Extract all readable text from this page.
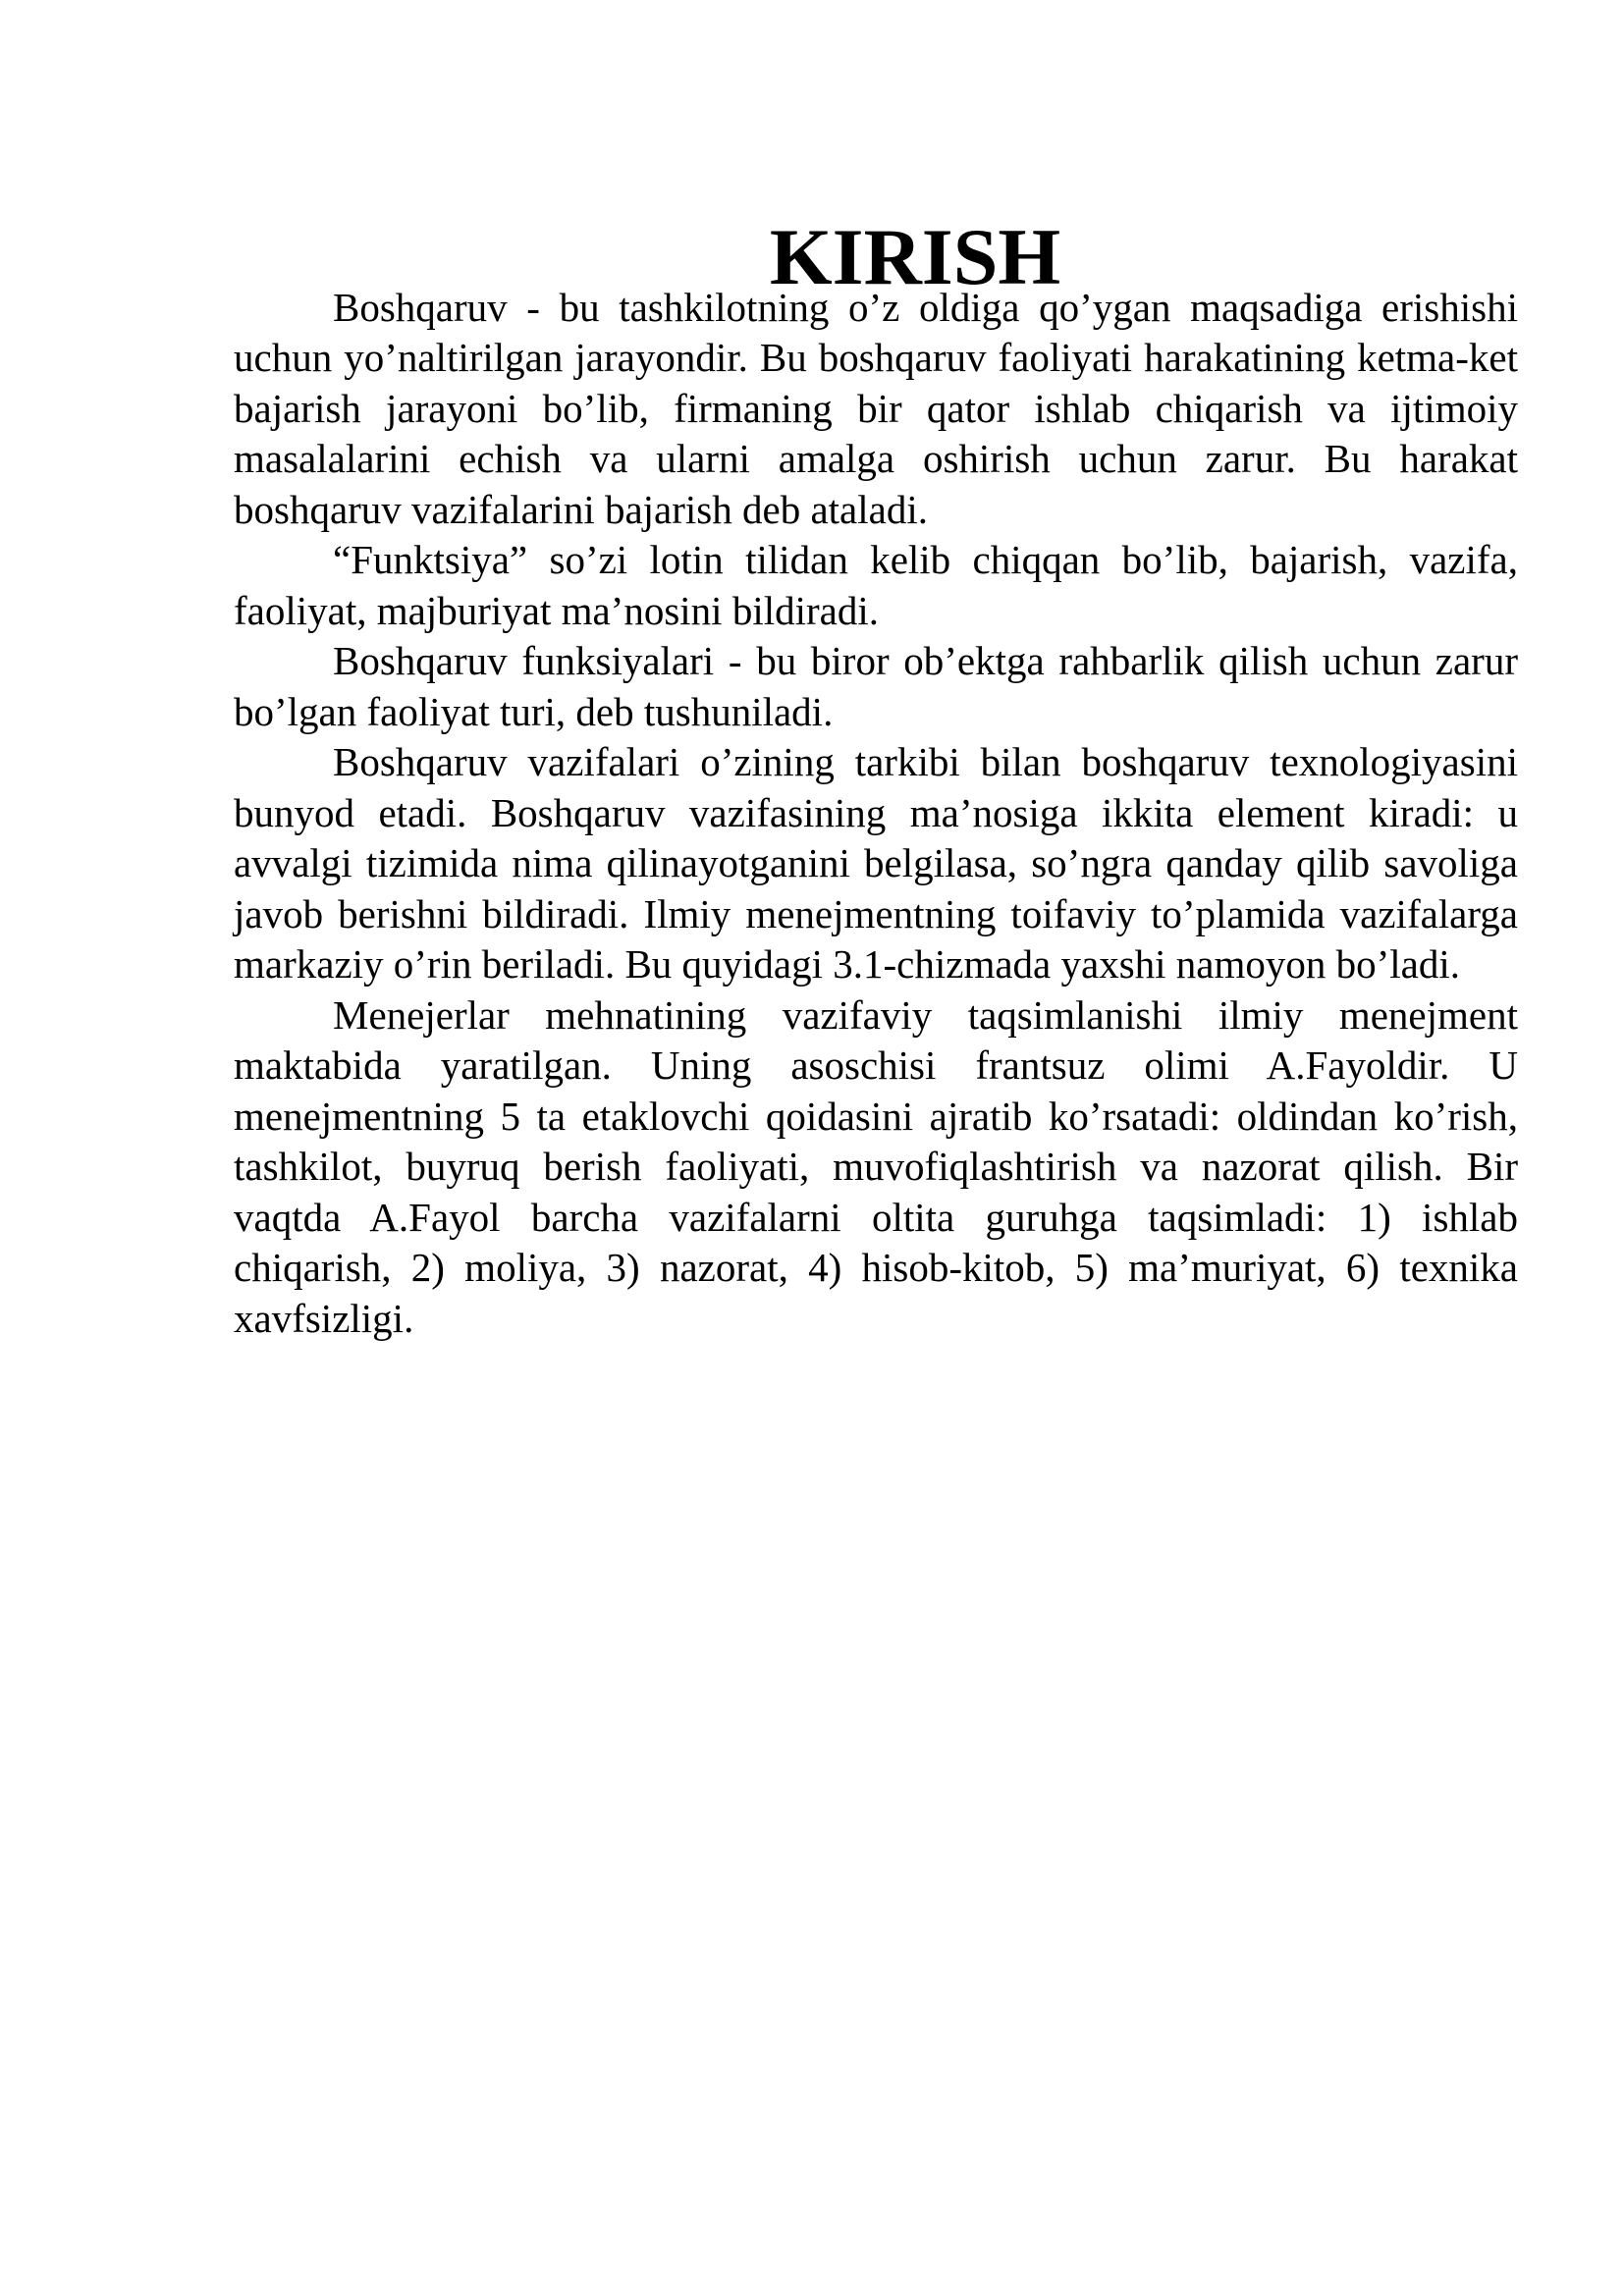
KIRISH

Boshqaruv - bu tashkilotning o’z oldiga qo’ygan maqsadiga erishishi uchun yo’naltirilgan jarayondir. Bu boshqaruv faoliyati harakatining ketma-ket bajarish jarayoni bo’lib, firmaning bir qator ishlab chiqarish va ijtimoiy masalalarini echish va ularni amalga oshirish uchun zarur. Bu harakat boshqaruv vazifalarini bajarish deb ataladi.

“Funktsiya” so’zi lotin tilidan kelib chiqqan bo’lib, bajarish, vazifa, faoliyat, majburiyat ma’nosini bildiradi.

Boshqaruv funksiyalari - bu biror ob’ektga rahbarlik qilish uchun zarur bo’lgan faoliyat turi, deb tushuniladi.

Boshqaruv vazifalari o’zining tarkibi bilan boshqaruv texnologiyasini bunyod etadi. Boshqaruv vazifasining ma’nosiga ikkita element kiradi: u avvalgi tizimida nima qilinayotganini belgilasa, so’ngra qanday qilib savoliga javob berishni bildiradi. Ilmiy menejmentning toifaviy to’plamida vazifalarga markaziy o’rin beriladi. Bu quyidagi 3.1-chizmada yaxshi namoyon bo’ladi.

Menejerlar mehnatining vazifaviy taqsimlanishi ilmiy menejment maktabida yaratilgan. Uning asoschisi frantsuz olimi A.Fayoldir. U menejmentning 5 ta etaklovchi qoidasini ajratib ko’rsatadi: oldindan ko’rish, tashkilot, buyruq berish faoliyati, muvofiqlashtirish va nazorat qilish. Bir vaqtda A.Fayol barcha vazifalarni oltita guruhga taqsimladi: 1) ishlab chiqarish, 2) moliya, 3) nazorat, 4) hisob-kitob, 5) ma’muriyat, 6) texnika xavfsizligi.
